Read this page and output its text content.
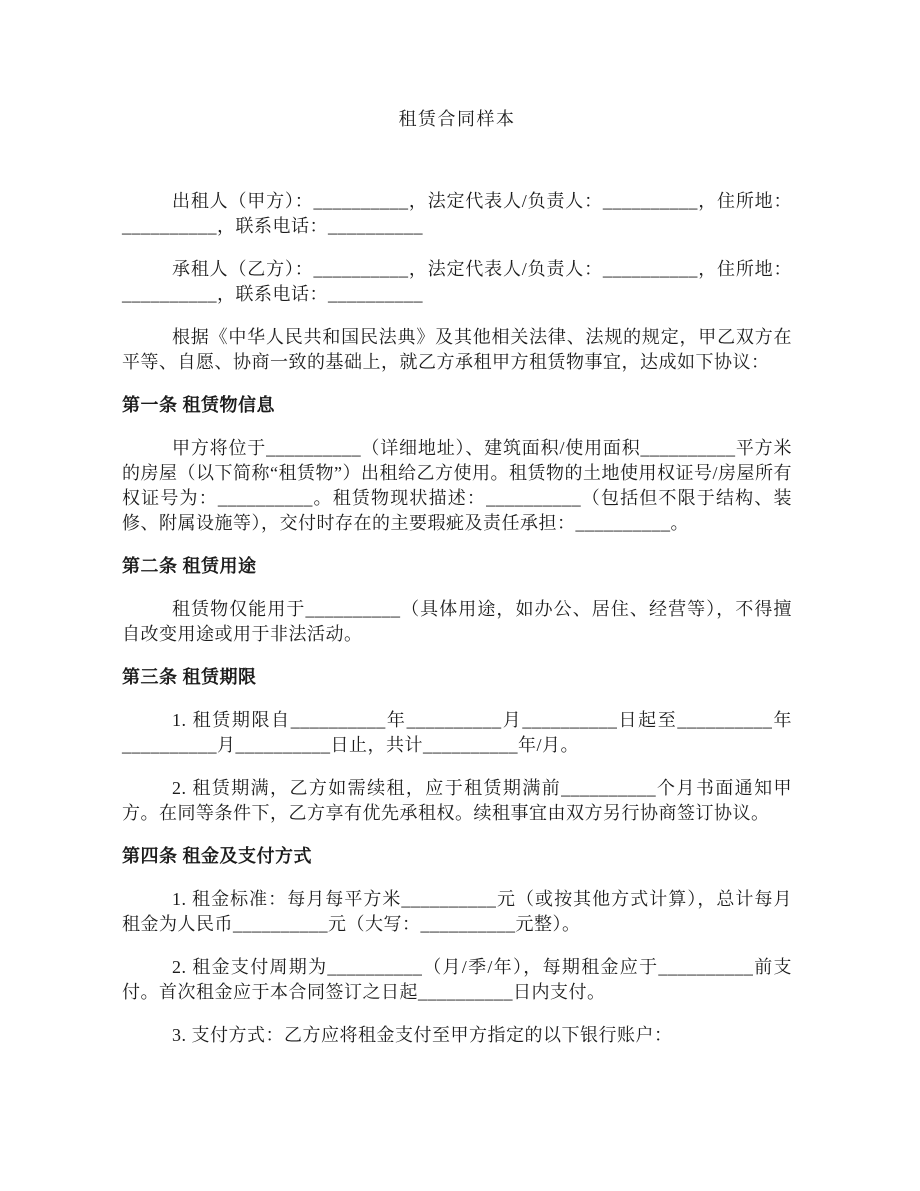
租赁合同样本

出租人（甲方）：__________，法定代表人/负责人：__________，住所地：__________，联系电话：__________

承租人（乙方）：__________，法定代表人/负责人：__________，住所地：__________，联系电话：__________

根据《中华人民共和国民法典》及其他相关法律、法规的规定，甲乙双方在平等、自愿、协商一致的基础上，就乙方承租甲方租赁物事宜，达成如下协议：

第一条 租赁物信息

甲方将位于__________（详细地址）、建筑面积/使用面积__________平方米的房屋（以下简称“租赁物”）出租给乙方使用。租赁物的土地使用权证号/房屋所有权证号为：__________。租赁物现状描述：__________（包括但不限于结构、装修、附属设施等），交付时存在的主要瑕疵及责任承担：__________。

第二条 租赁用途

租赁物仅能用于__________（具体用途，如办公、居住、经营等），不得擅自改变用途或用于非法活动。

第三条 租赁期限

1. 租赁期限自__________年__________月__________日起至__________年__________月__________日止，共计__________年/月。

2. 租赁期满，乙方如需续租，应于租赁期满前__________个月书面通知甲方。在同等条件下，乙方享有优先承租权。续租事宜由双方另行协商签订协议。

第四条 租金及支付方式

1. 租金标准：每月每平方米__________元（或按其他方式计算），总计每月租金为人民币__________元（大写：__________元整）。

2. 租金支付周期为__________（月/季/年），每期租金应于__________前支付。首次租金应于本合同签订之日起__________日内支付。

3. 支付方式：乙方应将租金支付至甲方指定的以下银行账户：
